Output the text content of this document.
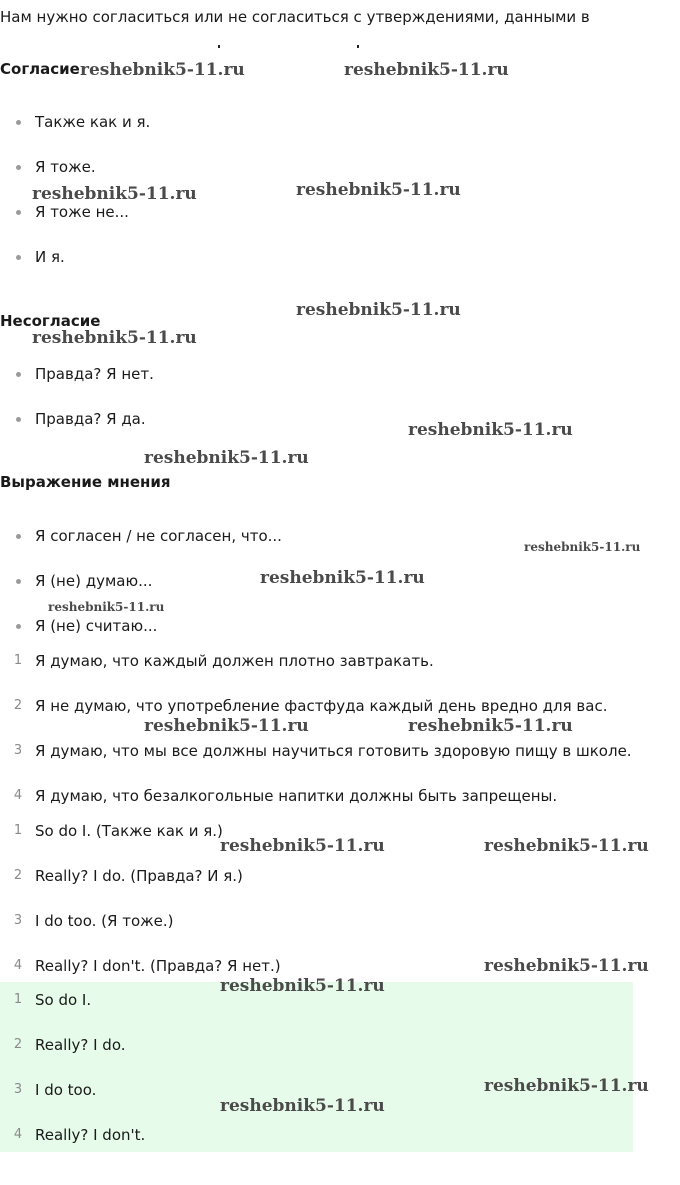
Нам нужно согласиться или не согласиться с утверждениями, данными в
Согласие
Также как и я.
Я тоже.
Я тоже не...
И я.
Несогласие
Правда? Я нет.
Правда? Я да.
Выражение мнения
Я согласен / не согласен, что...
Я (не) думаю...
Я (не) считаю...
1 Я думаю, что каждый должен плотно завтракать.
2 Я не думаю, что употребление фастфуда каждый день вредно для вас.
3 Я думаю, что мы все должны научиться готовить здоровую пищу в школе.
4 Я думаю, что безалкогольные напитки должны быть запрещены.
1 So do I. (Также как и я.)
2 Really? I do. (Правда? И я.)
3 I do too. (Я тоже.)
4 Really? I don't. (Правда? Я нет.)
1 So do I.
2 Really? I do.
3 I do too.
4 Really? I don't.
reshebnik5-11.ru	reshebnik5-11.ru
reshebnik5-11.ru	reshebnik5-11.ru
reshebnik5-11.ru
reshebnik5-11.ru
reshebnik5-11.ru
reshebnik5-11.ru
reshebnik5-11.ru
reshebnik5-11.ru
reshebnik5-11.ru
reshebnik5-11.ru	reshebnik5-11.ru
reshebnik5-11.ru	reshebnik5-11.ru
reshebnik5-11.ru
reshebnik5-11.ru
reshebnik5-11.ru
reshebnik5-11.ru
